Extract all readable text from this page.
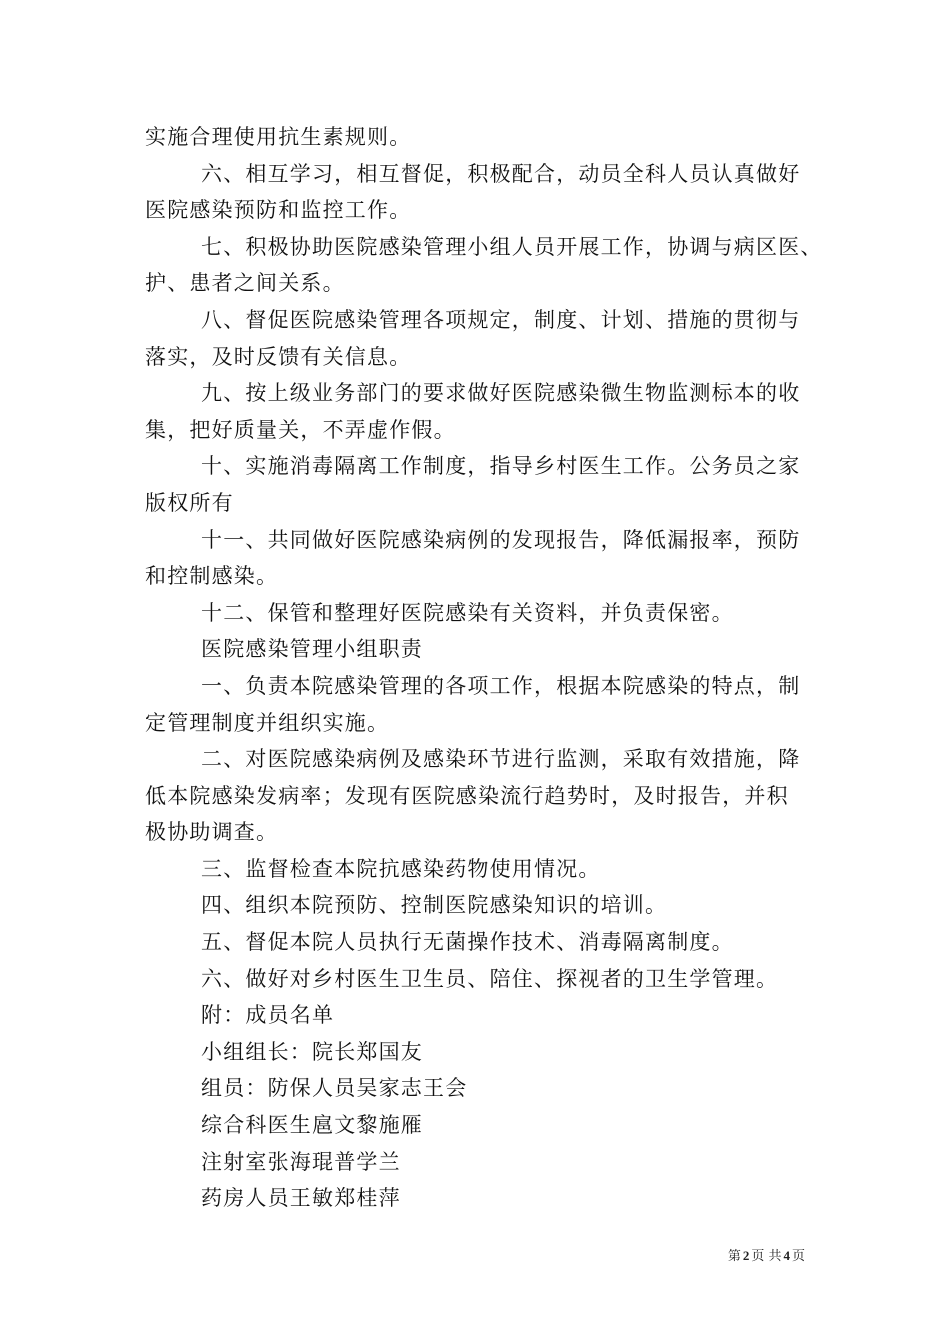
实施合理使用抗生素规则。
六、相互学习，相互督促，积极配合，动员全科人员认真做好
医院感染预防和监控工作。
七、积极协助医院感染管理小组人员开展工作，协调与病区医、
护、患者之间关系。
八、督促医院感染管理各项规定，制度、计划、措施的贯彻与
落实，及时反馈有关信息。
九、按上级业务部门的要求做好医院感染微生物监测标本的收
集，把好质量关，不弄虚作假。
十、实施消毒隔离工作制度，指导乡村医生工作。公务员之家
版权所有
十一、共同做好医院感染病例的发现报告，降低漏报率，预防
和控制感染。
十二、保管和整理好医院感染有关资料，并负责保密。
医院感染管理小组职责
一、负责本院感染管理的各项工作，根据本院感染的特点，制
定管理制度并组织实施。
二、对医院感染病例及感染环节进行监测，采取有效措施，降
低本院感染发病率；发现有医院感染流行趋势时，及时报告，并积
极协助调查。
三、监督检查本院抗感染药物使用情况。
四、组织本院预防、控制医院感染知识的培训。
五、督促本院人员执行无菌操作技术、消毒隔离制度。
六、做好对乡村医生卫生员、陪住、探视者的卫生学管理。
附：成员名单
小组组长：院长郑国友
组员：防保人员吴家志王会
综合科医生扈文黎施雁
注射室张海琨普学兰
药房人员王敏郑桂萍
第 2 页 共 4 页
